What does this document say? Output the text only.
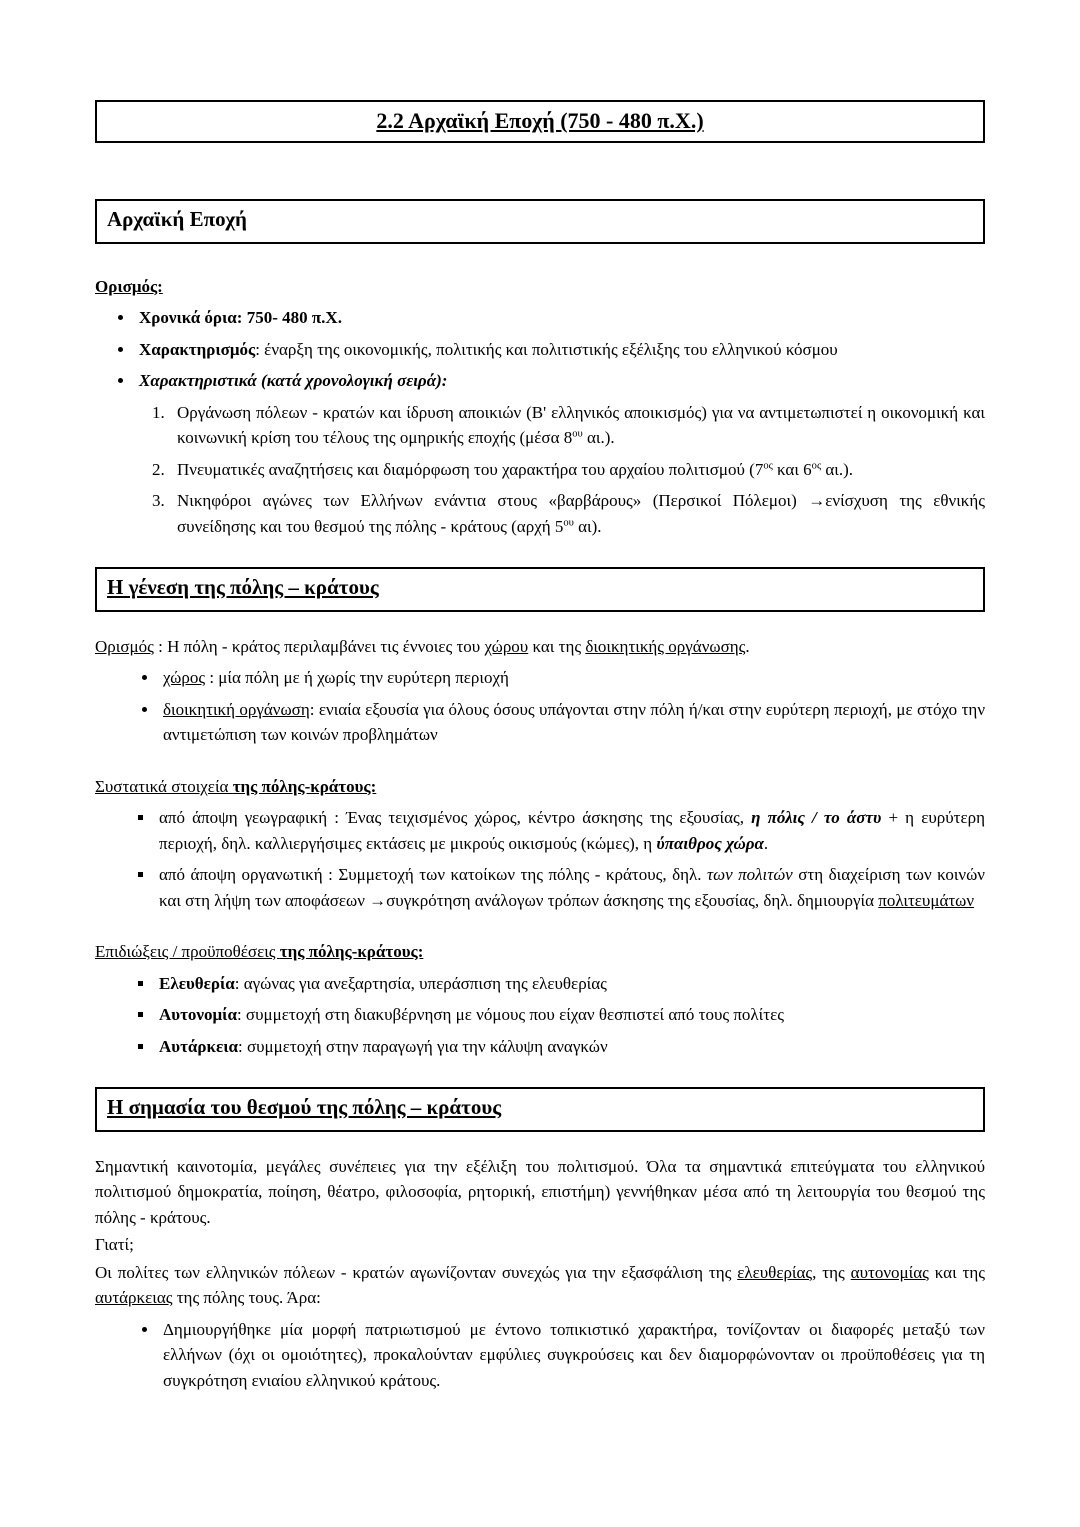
2.2 Αρχαϊκή Εποχή (750 - 480 π.Χ.)
Αρχαϊκή Εποχή

Ορισμός:

• Χρονικά όρια: 750- 480 π.Χ.
• Χαρακτηρισμός: έναρξη της οικονομικής, πολιτικής και πολιτιστικής εξέλιξης του ελληνικού κόσμου
• Χαρακτηριστικά (κατά χρονολογική σειρά):
1. Οργάνωση πόλεων - κρατών και ίδρυση αποικιών (Β' ελληνικός αποικισμός) για να αντιμετωπιστεί η οικονομική και κοινωνική κρίση του τέλους της ομηρικής εποχής (μέσα $8^{o\upsilon}$ αι.).
2. Πνευματικές αναζητήσεις και διαμόρφωση του χαρακτήρα του αρχαίου πολιτισμού ($7^{o\varsigma}$ και $6^{o\varsigma}$ αι.).
3. Νικηφόροι αγώνες των Ελλήνων ενάντια στους «βαρβάρους» (Περσικοί Πόλεμοι) →ενίσχυση της εθνικής συνείδησης και του θεσμού της πόλης - κράτους (αρχή $5^{o\upsilon}$ αι).
Η γένεση της πόλης – κράτους

Ορισμός : Η πόλη - κράτος περιλαμβάνει τις έννοιες του χώρου και της διοικητικής οργάνωσης.

• χώρος : μία πόλη με ή χωρίς την ευρύτερη περιοχή
• διοικητική οργάνωση: ενιαία εξουσία για όλους όσους υπάγονται στην πόλη ή/και στην ευρύτερη περιοχή, με στόχο την αντιμετώπιση των κοινών προβλημάτων

Συστατικά στοιχεία της πόλης-κράτους:

▪ από άποψη γεωγραφική : Ένας τειχισμένος χώρος, κέντρο άσκησης της εξουσίας, η πόλις / το άστυ + η ευρύτερη περιοχή, δηλ. καλλιεργήσιμες εκτάσεις με μικρούς οικισμούς (κώμες), η ύπαιθρος χώρα.
▪ από άποψη οργανωτική : Συμμετοχή των κατοίκων της πόλης - κράτους, δηλ. των πολιτών στη διαχείριση των κοινών και στη λήψη των αποφάσεων →συγκρότηση ανάλογων τρόπων άσκησης της εξουσίας, δηλ. δημιουργία πολιτευμάτων

Επιδιώξεις / προϋποθέσεις της πόλης-κράτους:

▪ Ελευθερία: αγώνας για ανεξαρτησία, υπεράσπιση της ελευθερίας
▪ Αυτονομία: συμμετοχή στη διακυβέρνηση με νόμους που είχαν θεσπιστεί από τους πολίτες
▪ Αυτάρκεια: συμμετοχή στην παραγωγή για την κάλυψη αναγκών
Η σημασία του θεσμού της πόλης – κράτους

Σημαντική καινοτομία, μεγάλες συνέπειες για την εξέλιξη του πολιτισμού. Όλα τα σημαντικά επιτεύγματα του ελληνικού πολιτισμού δημοκρατία, ποίηση, θέατρο, φιλοσοφία, ρητορική, επιστήμη) γεννήθηκαν μέσα από τη λειτουργία του θεσμού της πόλης - κράτους.

Γιατί;

Οι πολίτες των ελληνικών πόλεων - κρατών αγωνίζονταν συνεχώς για την εξασφάλιση της ελευθερίας, της αυτονομίας και της αυτάρκειας της πόλης τους. Άρα:

• Δημιουργήθηκε μία μορφή πατριωτισμού με έντονο τοπικιστικό χαρακτήρα, τονίζονταν οι διαφορές μεταξύ των ελλήνων (όχι οι ομοιότητες), προκαλούνταν εμφύλιες συγκρούσεις και δεν διαμορφώνονταν οι προϋποθέσεις για τη συγκρότηση ενιαίου ελληνικού κράτους.
